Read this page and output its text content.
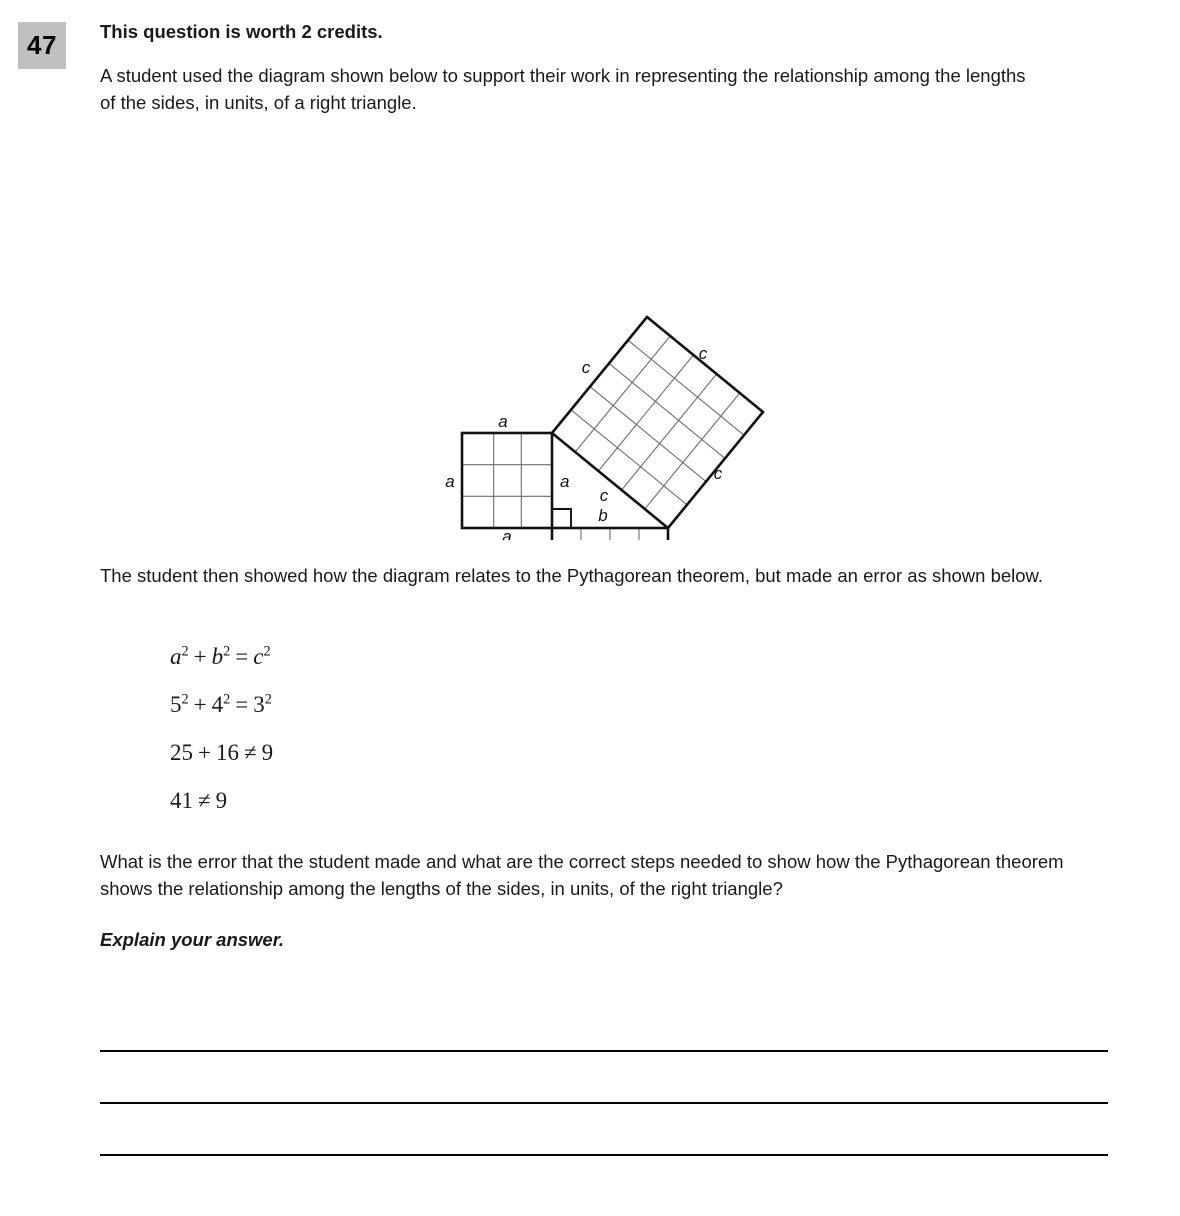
47 This question is worth 2 credits.

A student used the diagram shown below to support their work in representing the relationship among the lengths of the sides, in units, of a right triangle.

a
a	a
a
b
c
c
c
c

The student then showed how the diagram relates to the Pythagorean theorem, but made an error as shown below.

$a^2 + b^2 = c^2$
$5^2 + 4^2 = 3^2$
25 + 16 ≠ 9
41 ≠ 9

What is the error that the student made and what are the correct steps needed to show how the Pythagorean theorem shows the relationship among the lengths of the sides, in units, of the right triangle?

Explain your answer.
